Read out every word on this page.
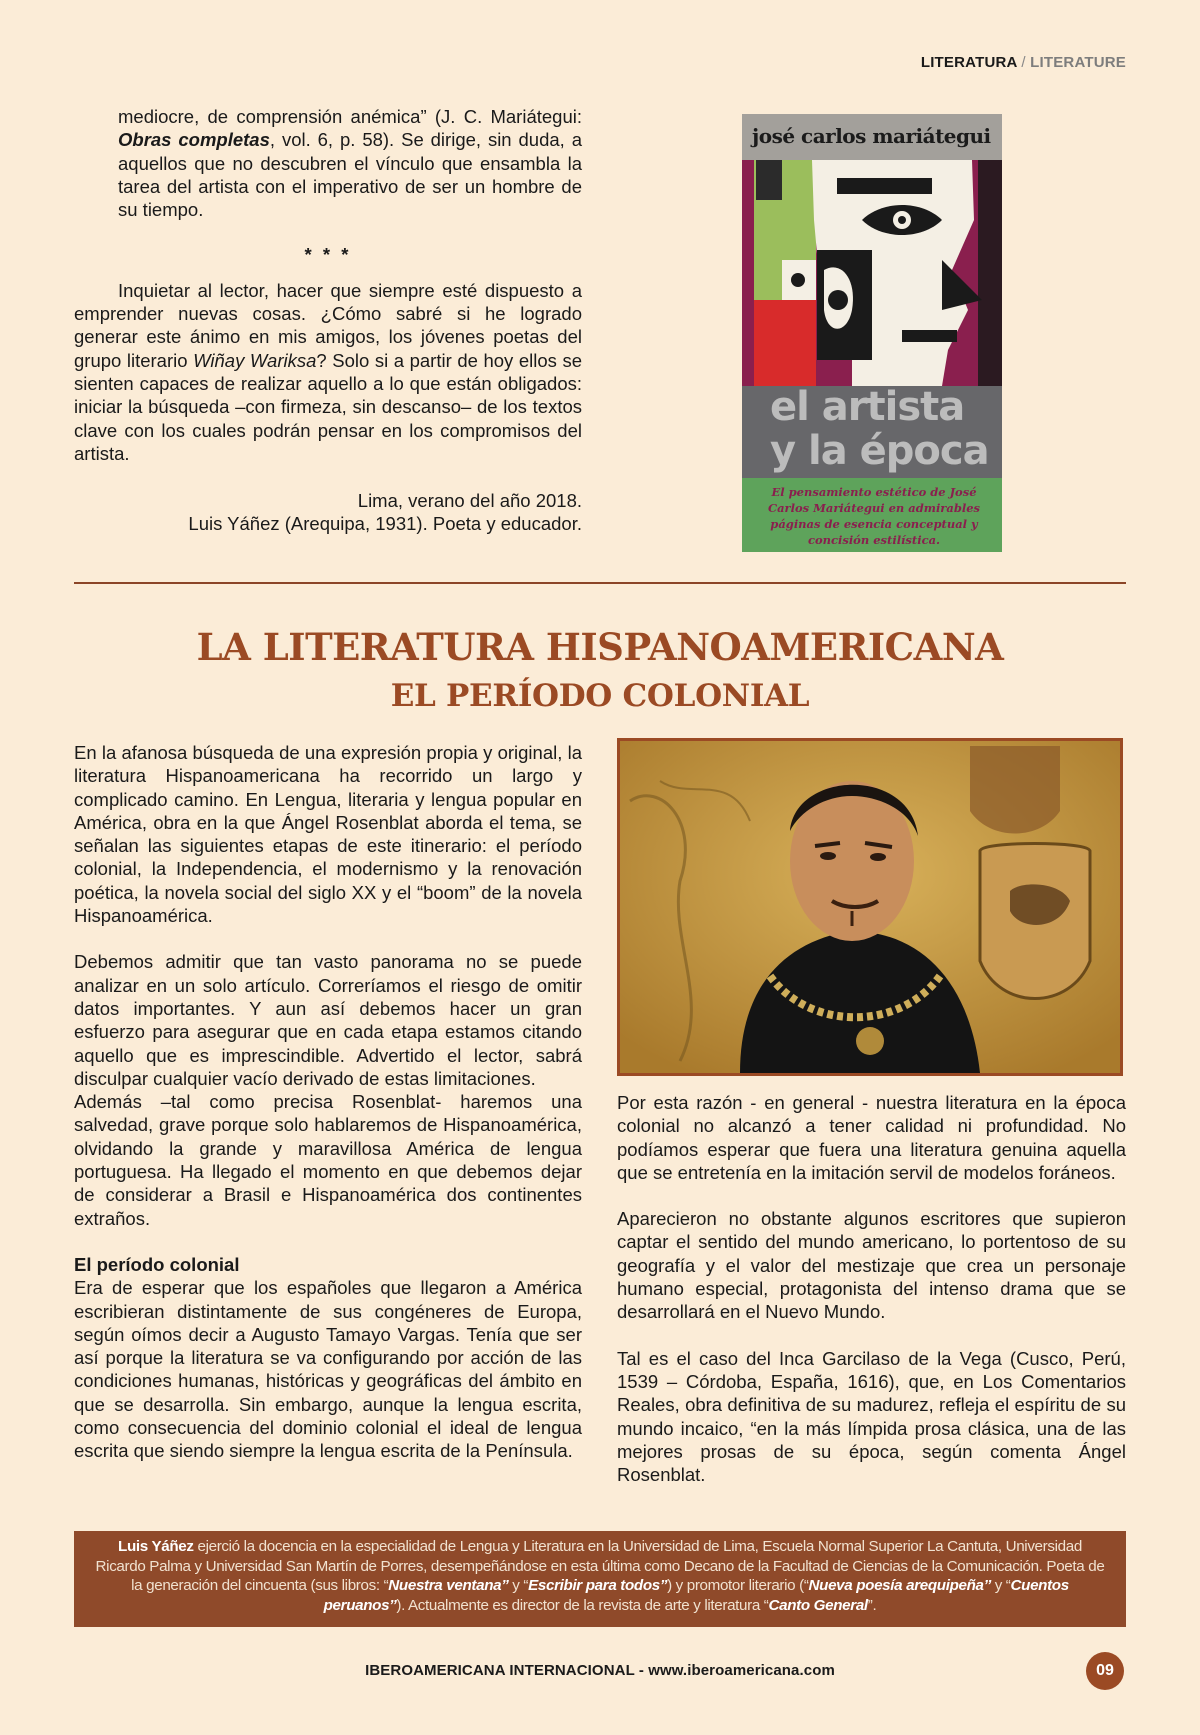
LITERATURA / LITERATURE

mediocre, de comprensión anémica” (J. C. Mariátegui: Obras completas, vol. 6, p. 58). Se dirige, sin duda, a aquellos que no descubren el vínculo que ensambla la tarea del artista con el imperativo de ser un hombre de su tiempo.

* * *

Inquietar al lector, hacer que siempre esté dispuesto a emprender nuevas cosas. ¿Cómo sabré si he logrado generar este ánimo en mis amigos, los jóvenes poetas del grupo literario Wiñay Wariksa? Solo si a partir de hoy ellos se sienten capaces de realizar aquello a lo que están obligados: iniciar la búsqueda –con firmeza, sin descanso– de los textos clave con los cuales podrán pensar en los compromisos del artista.

Lima, verano del año 2018.
Luis Yáñez (Arequipa, 1931). Poeta y educador.
josé carlos mariátegui
el artista
y la época
El pensamiento estético de José Carlos Mariátegui en admirables páginas de esencia conceptual y concisión estilística.
LA LITERATURA HISPANOAMERICANA
EL PERÍODO COLONIAL

En la afanosa búsqueda de una expresión propia y original, la literatura Hispanoamericana ha recorrido un largo y complicado camino. En Lengua, literaria y lengua popular en América, obra en la que Ángel Rosenblat aborda el tema, se señalan las siguientes etapas de este itinerario: el período colonial, la Independencia, el modernismo y la renovación poética, la novela social del siglo XX y el “boom” de la novela Hispanoamérica.

Debemos admitir que tan vasto panorama no se puede analizar en un solo artículo. Correríamos el riesgo de omitir datos importantes. Y aun así debemos hacer un gran esfuerzo para asegurar que en cada etapa estamos citando aquello que es imprescindible. Advertido el lector, sabrá disculpar cualquier vacío derivado de estas limitaciones.

Además –tal como precisa Rosenblat- haremos una salvedad, grave porque solo hablaremos de Hispanoamérica, olvidando la grande y maravillosa América de lengua portuguesa. Ha llegado el momento en que debemos dejar de considerar a Brasil e Hispanoamérica dos continentes extraños.

El período colonial

Era de esperar que los españoles que llegaron a América escribieran distintamente de sus congéneres de Europa, según oímos decir a Augusto Tamayo Vargas. Tenía que ser así porque la literatura se va configurando por acción de las condiciones humanas, históricas y geográficas del ámbito en que se desarrolla. Sin embargo, aunque la lengua escrita, como consecuencia del dominio colonial el ideal de lengua escrita que siendo siempre la lengua escrita de la Península.

Por esta razón - en general - nuestra literatura en la época colonial no alcanzó a tener calidad ni profundidad. No podíamos esperar que fuera una literatura genuina aquella que se entretenía en la imitación servil de modelos foráneos.

Aparecieron no obstante algunos escritores que supieron captar el sentido del mundo americano, lo portentoso de su geografía y el valor del mestizaje que crea un personaje humano especial, protagonista del intenso drama que se desarrollará en el Nuevo Mundo.

Tal es el caso del Inca Garcilaso de la Vega (Cusco, Perú, 1539 – Córdoba, España, 1616), que, en Los Comentarios Reales, obra definitiva de su madurez, refleja el espíritu de su mundo incaico, “en la más límpida prosa clásica, una de las mejores prosas de su época, según comenta Ángel Rosenblat.

Luis Yáñez ejerció la docencia en la especialidad de Lengua y Literatura en la Universidad de Lima, Escuela Normal Superior La Cantuta, Universidad Ricardo Palma y Universidad San Martín de Porres, desempeñándose en esta última como Decano de la Facultad de Ciencias de la Comunicación. Poeta de la generación del cincuenta (sus libros: “Nuestra ventana’’ y “Escribir para todos’’) y promotor literario (“Nueva poesía arequipeña’’ y “Cuentos peruanos’’). Actualmente es director de la revista de arte y literatura “Canto General”.
IBEROAMERICANA INTERNACIONAL - www.iberoamericana.com	09
